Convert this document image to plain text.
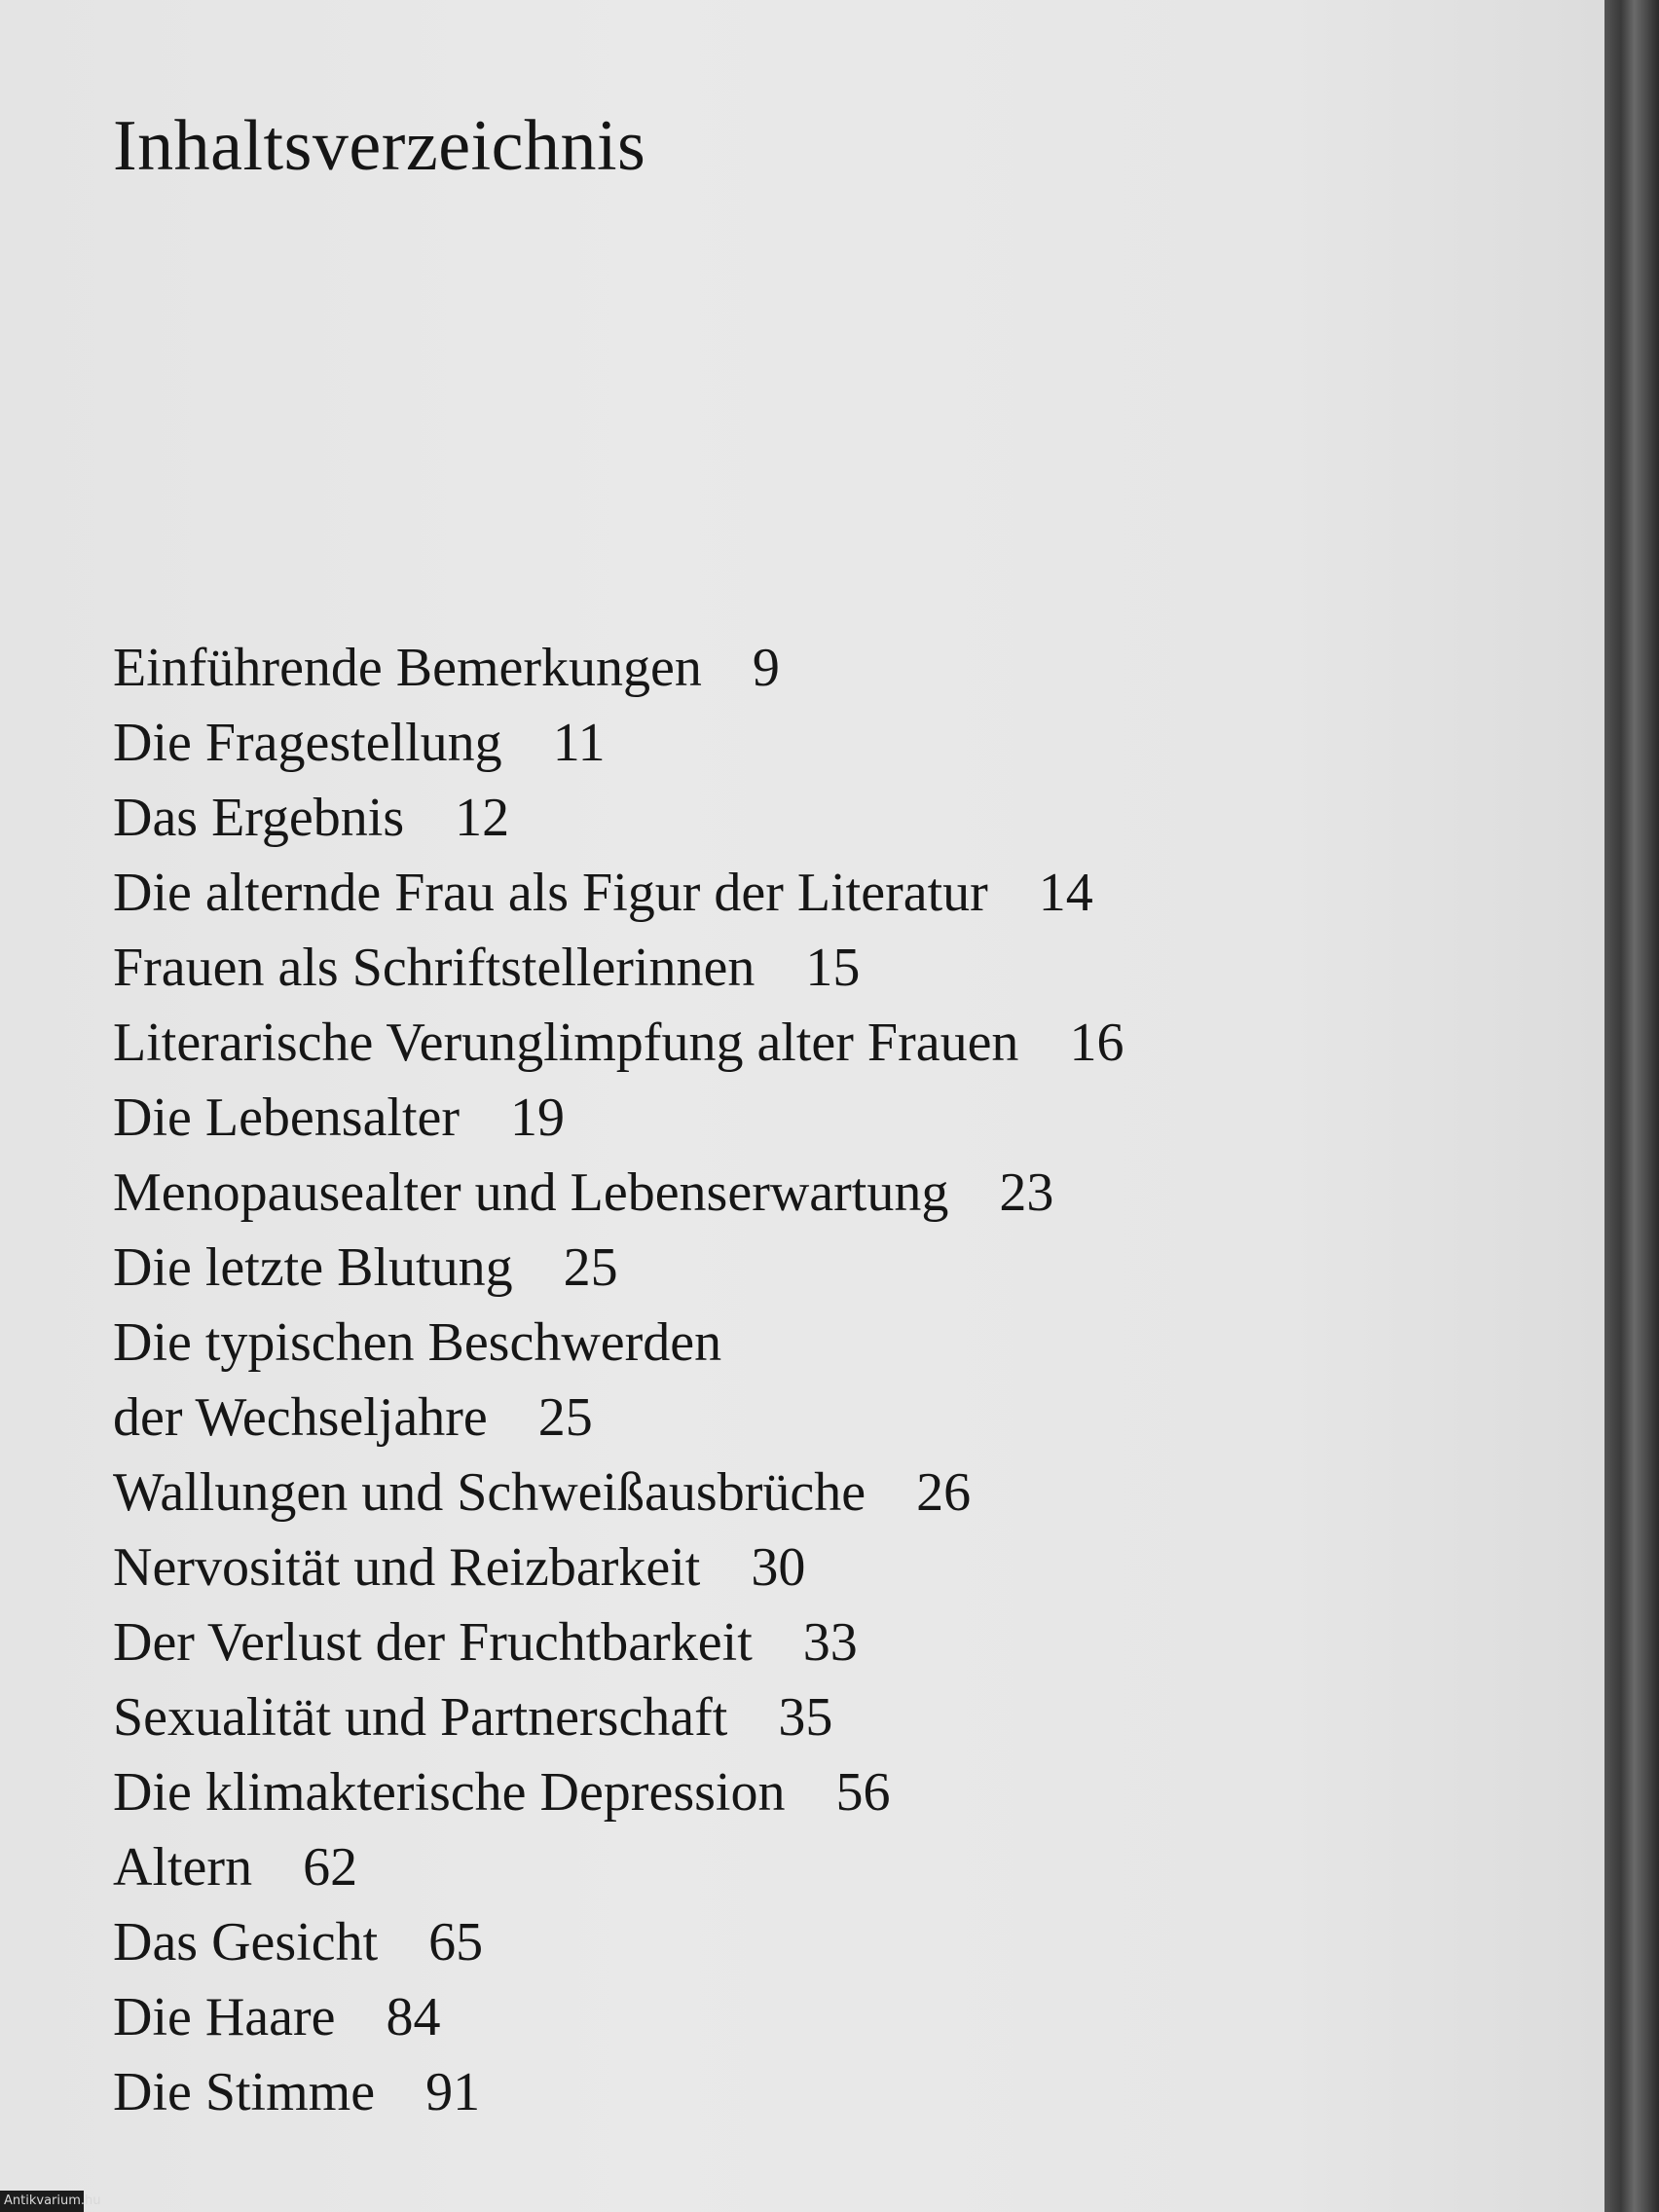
Inhaltsverzeichnis
Einführende Bemerkungen 9
Die Fragestellung 11
Das Ergebnis 12
Die alternde Frau als Figur der Literatur 14
Frauen als Schriftstellerinnen 15
Literarische Verunglimpfung alter Frauen 16
Die Lebensalter 19
Menopausealter und Lebenserwartung 23
Die letzte Blutung 25
Die typischen Beschwerden
der Wechseljahre 25
Wallungen und Schweißausbrüche 26
Nervosität und Reizbarkeit 30
Der Verlust der Fruchtbarkeit 33
Sexualität und Partnerschaft 35
Die klimakterische Depression 56
Altern 62
Das Gesicht 65
Die Haare 84
Die Stimme 91
Antikvarium.hu
